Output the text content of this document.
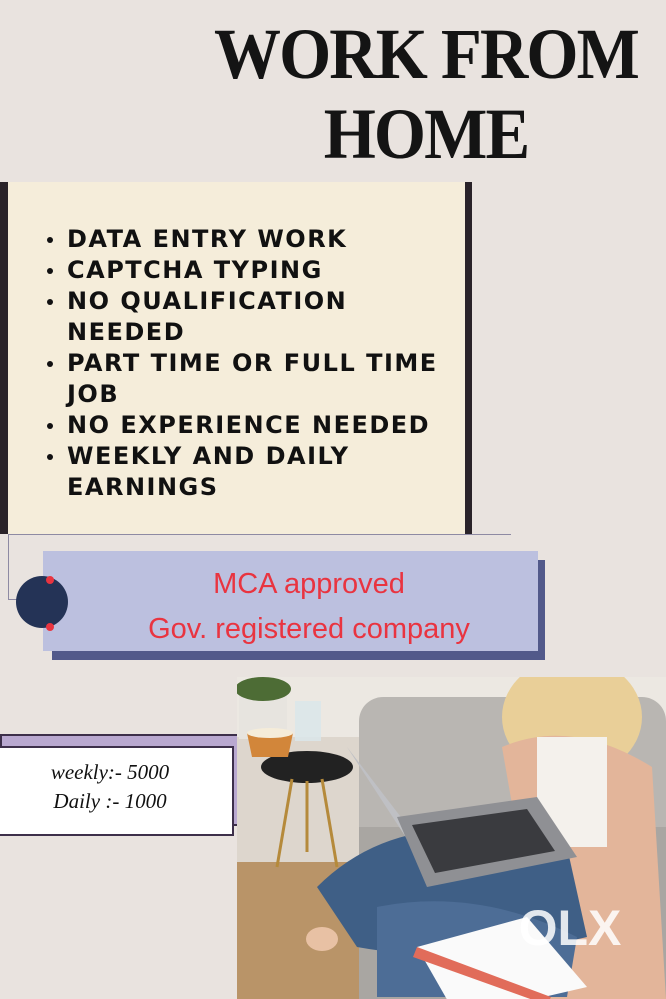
WORK FROM
HOME
DATA ENTRY WORK
CAPTCHA TYPING
NO QUALIFICATION NEEDED
PART TIME OR FULL TIME JOB
NO EXPERIENCE NEEDED
WEEKLY AND DAILY EARNINGS
MCA approved
Gov. registered company
weekly:- 5000
Daily :- 1000
OLX
